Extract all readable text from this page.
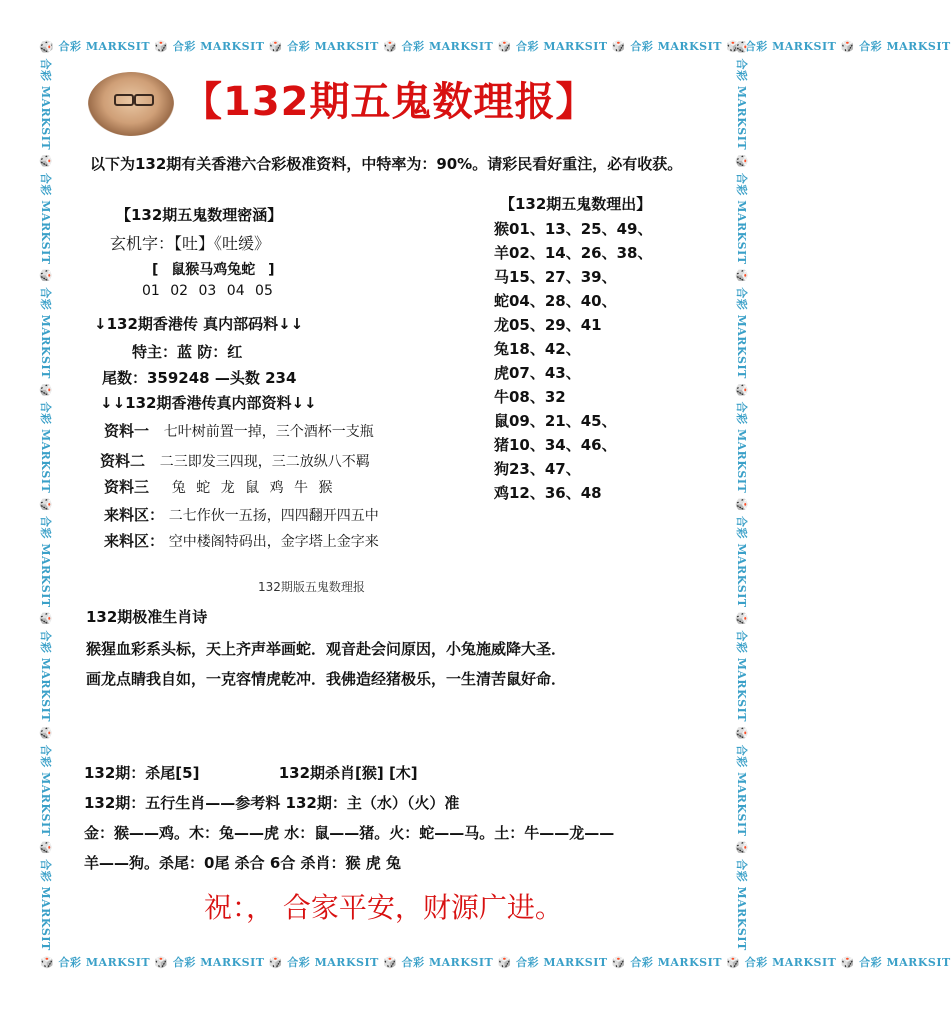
🎲 合彩 MARKSIT 🎲 合彩 MARKSIT 🎲 合彩 MARKSIT 🎲 合彩 MARKSIT 🎲 合彩 MARKSIT 🎲 合彩 MARKSIT 🎲 合彩 MARKSIT 🎲 合彩 MARKSIT
🎲 合彩 MARKSIT 🎲 合彩 MARKSIT 🎲 合彩 MARKSIT 🎲 合彩 MARKSIT 🎲 合彩 MARKSIT 🎲 合彩 MARKSIT 🎲 合彩 MARKSIT 🎲 合彩 MARKSIT
🎲 合彩 MARKSIT 🎲 合彩 MARKSIT 🎲 合彩 MARKSIT 🎲 合彩 MARKSIT 🎲 合彩 MARKSIT 🎲 合彩 MARKSIT 🎲 合彩 MARKSIT 🎲 合彩 MARKSIT	🎲 合彩 MARKSIT 🎲 合彩 MARKSIT 🎲 合彩 MARKSIT 🎲 合彩 MARKSIT 🎲 合彩 MARKSIT 🎲 合彩 MARKSIT 🎲 合彩 MARKSIT 🎲 合彩 MARKSIT
【132期五鬼数理报】
以下为132期有关香港六合彩极准资料，中特率为：90%。请彩民看好重注，必有收获。
【132期五鬼数理密涵】
玄机字：【吐】《吐缓》
[ 鼠猴马鸡兔蛇 ]
01 02 03 04 05
↓132期香港传 真内部码料↓↓
特主：蓝 防：红
尾数：359248 —头数 234
↓↓132期香港传真内部资料↓↓
资料一 七叶树前置一掉，三个酒杯一支瓶
资料二 二三即发三四现，三二放纵八不羁
资料三 兔 蛇 龙 鼠 鸡 牛 猴
来料区： 二七作伙一五扬，四四翻开四五中
来料区： 空中楼阁特码出，金字塔上金字来
【132期五鬼数理出】
猴01、13、25、49、
羊02、14、26、38、
马15、27、39、
蛇04、28、40、
龙05、29、41
兔18、42、
虎07、43、
牛08、32
鼠09、21、45、
猪10、34、46、
狗23、47、
鸡12、36、48
132期版五鬼数理报
132期极准生肖诗
猴猩血彩系头标，天上齐声举画蛇．观音赴会问原因，小兔施威降大圣．
画龙点睛我自如，一克容情虎乾冲．我佛造经猪极乐，一生清苦鼠好命．
132期：杀尾[5]	132期杀肖[猴] [木]
132期：五行生肖——参考料 132期：主（水）（火）准
金：猴——鸡。木：兔——虎 水：鼠——猪。火：蛇——马。土：牛——龙——
羊——狗。杀尾：0尾 杀合 6合 杀肖：猴 虎 兔
祝：， 合家平安，财源广进。
